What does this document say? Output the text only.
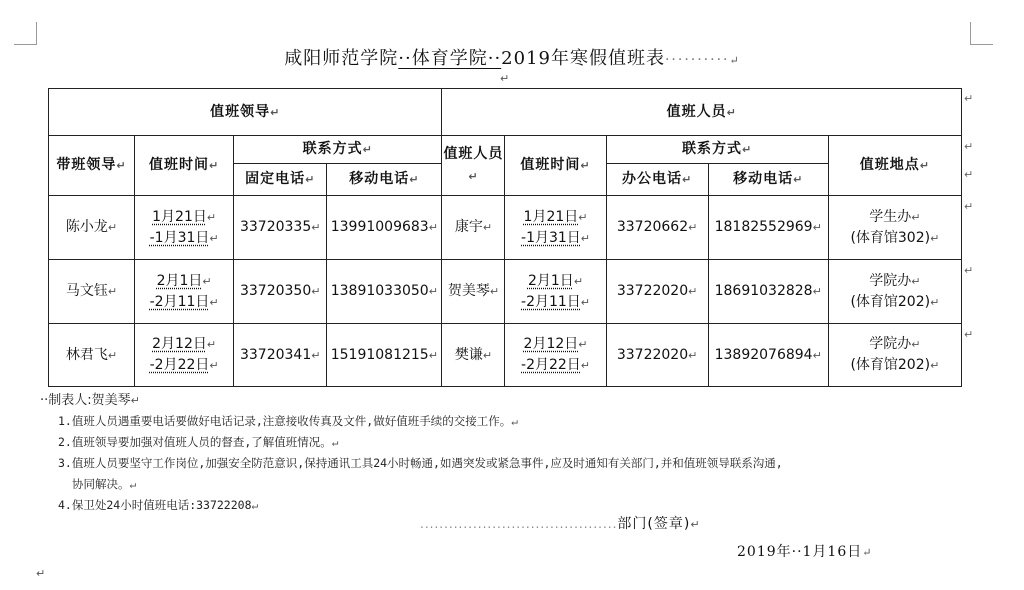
咸阳师范学院··体育学院··2019年寒假值班表··········↵
↵
值班领导↵				值班人员↵				
带班领导↵	值班时间↵	联系方式↵		值班人员↵	值班时间↵	联系方式↵		值班地点↵
		固定电话↵	移动电话↵			办公电话↵	移动电话↵	
陈小龙↵	1月21日↵
-1月31日↵	33720335↵	13991009683↵	康宇↵	1月21日↵
-1月31日↵	33720662↵	18182552969↵	学生办↵
(体育馆302)↵
马文钰↵	2月1日↵
-2月11日↵	33720350↵	13891033050↵	贺美琴↵	2月1日↵
-2月11日↵	33722020↵	18691032828↵	学院办↵
(体育馆202)↵
林君飞↵	2月12日↵
-2月22日↵	33720341↵	15191081215↵	樊谦↵	2月12日↵
-2月22日↵	33722020↵	13892076894↵	学院办↵
(体育馆202)↵
↵
↵
↵
↵
↵
↵
··制表人:贺美琴↵
1.值班人员遇重要电话要做好电话记录,注意接收传真及文件,做好值班手续的交接工作。↵
2.值班领导要加强对值班人员的督查,了解值班情况。↵
3.值班人员要坚守工作岗位,加强安全防范意识,保持通讯工具24小时畅通,如遇突发或紧急事件,应及时通知有关部门,并和值班领导联系沟通,
协同解决。↵
4.保卫处24小时值班电话:33722208↵
.........................................部门(签章)↵
2019年··1月16日↵
↵
